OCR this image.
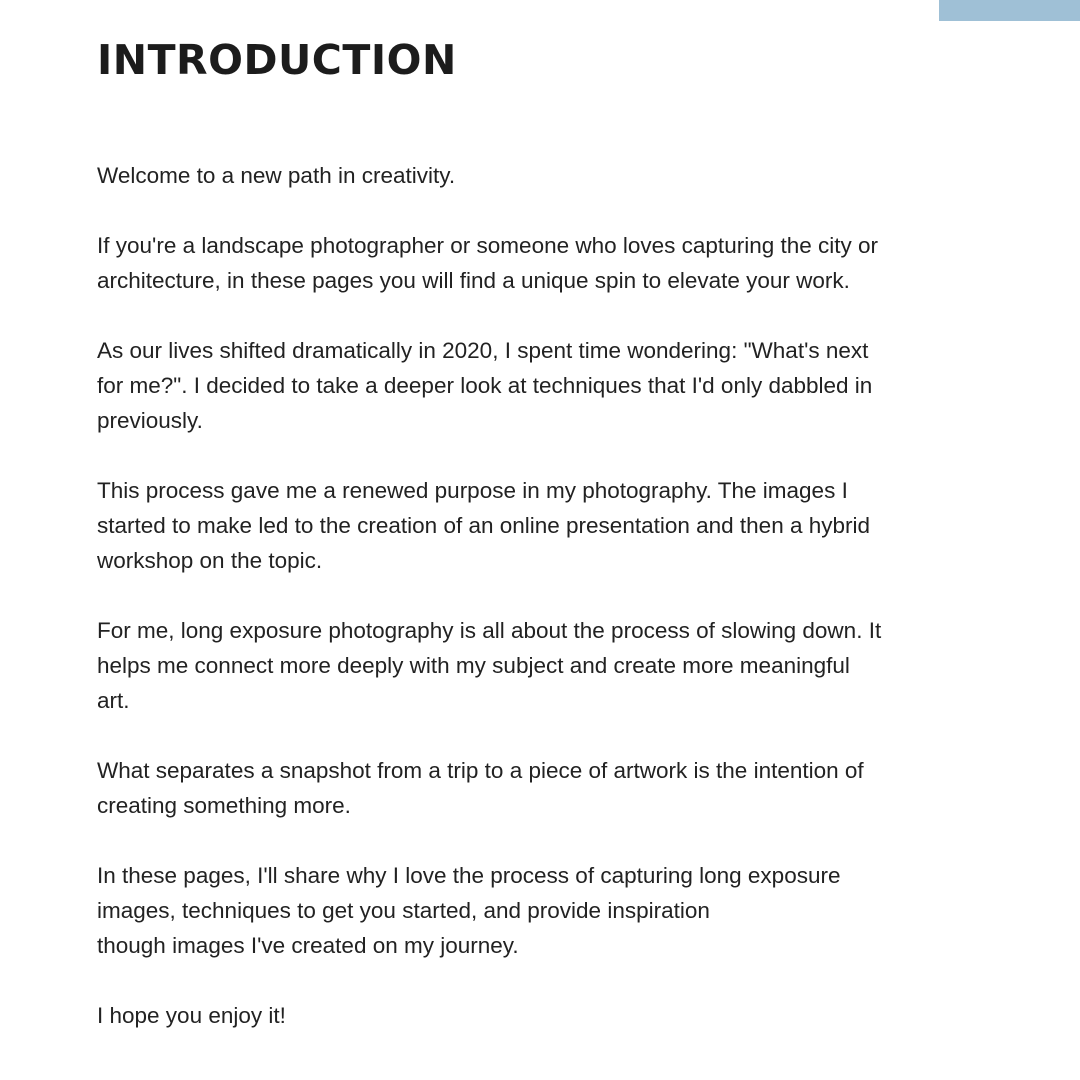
INTRODUCTION

Welcome to a new path in creativity.

If you're a landscape photographer or someone who loves capturing the city or
architecture, in these pages you will find a unique spin to elevate your work.

As our lives shifted dramatically in 2020, I spent time wondering: "What's next
for me?". I decided to take a deeper look at techniques that I'd only dabbled in
previously.

This process gave me a renewed purpose in my photography. The images I
started to make led to the creation of an online presentation and then a hybrid
workshop on the topic.

For me, long exposure photography is all about the process of slowing down. It
helps me connect more deeply with my subject and create more meaningful
art.

What separates a snapshot from a trip to a piece of artwork is the intention of
creating something more.

In these pages, I'll share why I love the process of capturing long exposure
images, techniques to get you started, and provide inspiration
though images I've created on my journey.

I hope you enjoy it!
